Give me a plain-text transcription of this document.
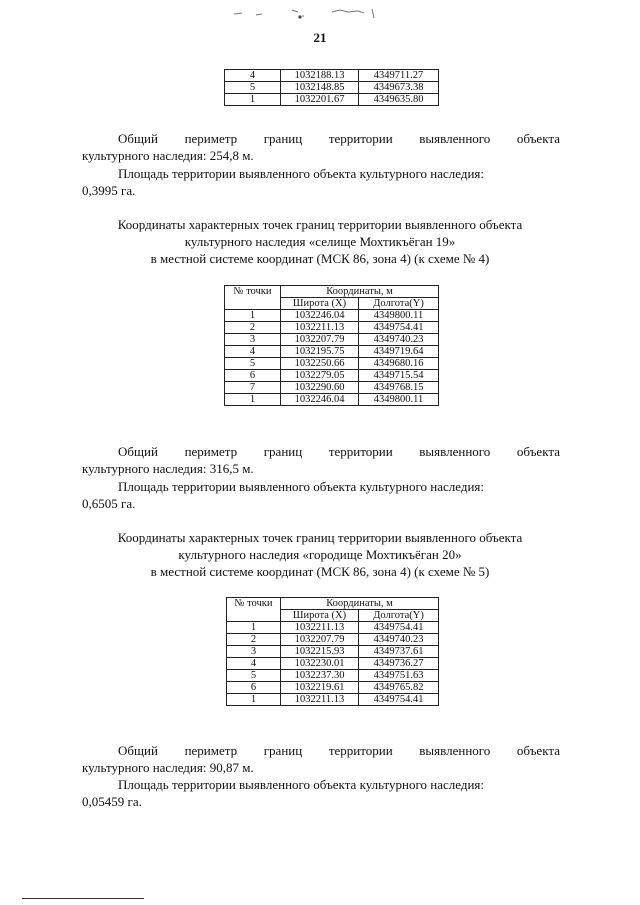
21
4	1032188.13	4349711.27
5	1032148.85	4349673.38
1	1032201.67	4349635.80
Общий периметр границ территории выявленного объекта
культурного наследия: 254,8 м.
Площадь территории выявленного объекта культурного наследия:
0,3995 га.
Координаты характерных точек границ территории выявленного объекта
культурного наследия «селище Мохтикъёган 19»
в местной системе координат (МСК 86, зона 4) (к схеме № 4)
№ точки	Координаты, м	
	Широта (X)	Долгота(Y)
1	1032246.04	4349800.11
2	1032211.13	4349754.41
3	1032207.79	4349740.23
4	1032195.75	4349719.64
5	1032250.66	4349680.16
6	1032279.05	4349715.54
7	1032290.60	4349768.15
1	1032246.04	4349800.11
Общий периметр границ территории выявленного объекта
культурного наследия: 316,5 м.
Площадь территории выявленного объекта культурного наследия:
0,6505 га.
Координаты характерных точек границ территории выявленного объекта
культурного наследия «городище Мохтикъёган 20»
в местной системе координат (МСК 86, зона 4) (к схеме № 5)
№ точки	Координаты, м	
	Широта (X)	Долгота(Y)
1	1032211.13	4349754.41
2	1032207.79	4349740.23
3	1032215.93	4349737.61
4	1032230.01	4349736.27
5	1032237.30	4349751.63
6	1032219.61	4349765.82
1	1032211.13	4349754.41
Общий периметр границ территории выявленного объекта
культурного наследия: 90,87 м.
Площадь территории выявленного объекта культурного наследия:
0,05459 га.
